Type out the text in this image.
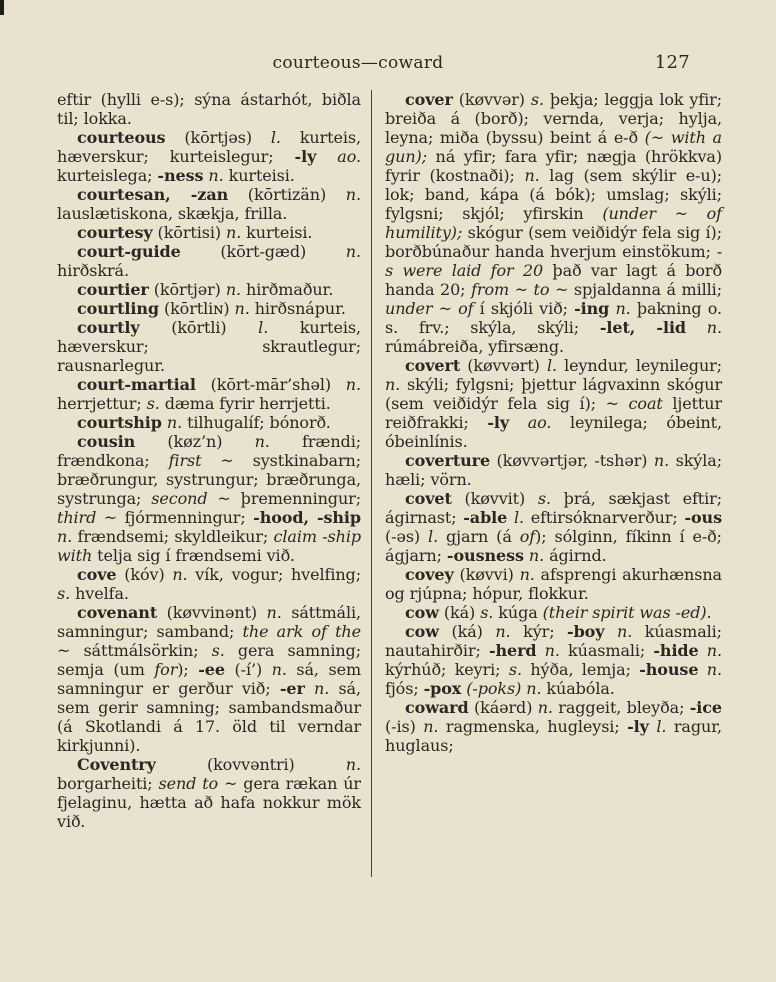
courteous—coward	127

eftir (hylli e-s); sýna ástarhót, biðla til; lokka.

courteous (kōrtjəs) l. kurteis, hæverskur; kurteislegur; -ly ao. kurteislega; -ness n. kurteisi.

courtesan, -zan (kōrtizän) n. lauslætiskona, skækja, frilla.

courtesy (kōrtisi) n. kurteisi.

court-guide (kōrt-gæd) n. hirðskrá.

courtier (kōrtjər) n. hirðmaður.

courtling (kōrtliɴ) n. hirðsnápur.

courtly (kōrtli) l. kurteis, hæverskur; skrautlegur; rausnarlegur.

court-martial (kōrt-mār’shəl) n. herrjettur; s. dæma fyrir herrjetti.

courtship n. tilhugalíf; bónorð.

cousin (køz’n) n. frændi; frændkona; first ~ systkinabarn; bræðrungur, systrungur; bræðrunga, systrunga; second ~ þremenningur; third ~ fjórmenningur; -hood, -ship n. frændsemi; skyldleikur; claim -ship with telja sig í frændsemi við.

cove (kóv) n. vík, vogur; hvelfing; s. hvelfa.

covenant (køvvinənt) n. sáttmáli, samningur; samband; the ark of the ~ sáttmálsörkin; s. gera samning; semja (um for); -ee (-í’) n. sá, sem samningur er gerður við; -er n. sá, sem gerir samning; sambandsmaður (á Skotlandi á 17. öld til verndar kirkjunni).

Coventry (kovvəntri) n. borgarheiti; send to ~ gera rækan úr fjelaginu, hætta að hafa nokkur mök við.

cover (køvvər) s. þekja; leggja lok yfir; breiða á (borð); vernda, verja; hylja, leyna; miða (byssu) beint á e-ð (~ with a gun); ná yfir; fara yfir; nægja (hrökkva) fyrir (kostnaði); n. lag (sem skýlir e-u); lok; band, kápa (á bók); umslag; skýli; fylgsni; skjól; yfirskin (under ~ of humility); skógur (sem veiðidýr fela sig í); borðbúnaður handa hverjum einstökum; -s were laid for 20 það var lagt á borð handa 20; from ~ to ~ spjaldanna á milli; under ~ of í skjóli við; -ing n. þakning o. s. frv.; skýla, skýli; -let, -lid n. rúmábreiða, yfirsæng.

covert (køvvərt) l. leyndur, leynilegur; n. skýli; fylgsni; þjettur lágvaxinn skógur (sem veiðidýr fela sig í); ~ coat ljettur reiðfrakki; -ly ao. leynilega; óbeint, óbeinlínis.

coverture (køvvərtjər, -tshər) n. skýla; hæli; vörn.

covet (køvvit) s. þrá, sækjast eftir; ágirnast; -able l. eftirsóknarverður; -ous (-əs) l. gjarn (á of); sólginn, fíkinn í e-ð; ágjarn; -ousness n. ágirnd.

covey (køvvi) n. afsprengi akurhænsna og rjúpna; hópur, flokkur.

cow (ká) s. kúga (their spirit was -ed).

cow (ká) n. kýr; -boy n. kúasmali; nautahirðir; -herd n. kúasmali; -hide n. kýrhúð; keyri; s. hýða, lemja; -house n. fjós; -pox (-poks) n. kúabóla.

coward (káərd) n. raggeit, bleyða; -ice (-is) n. ragmenska, hugleysi; -ly l. ragur, huglaus;
